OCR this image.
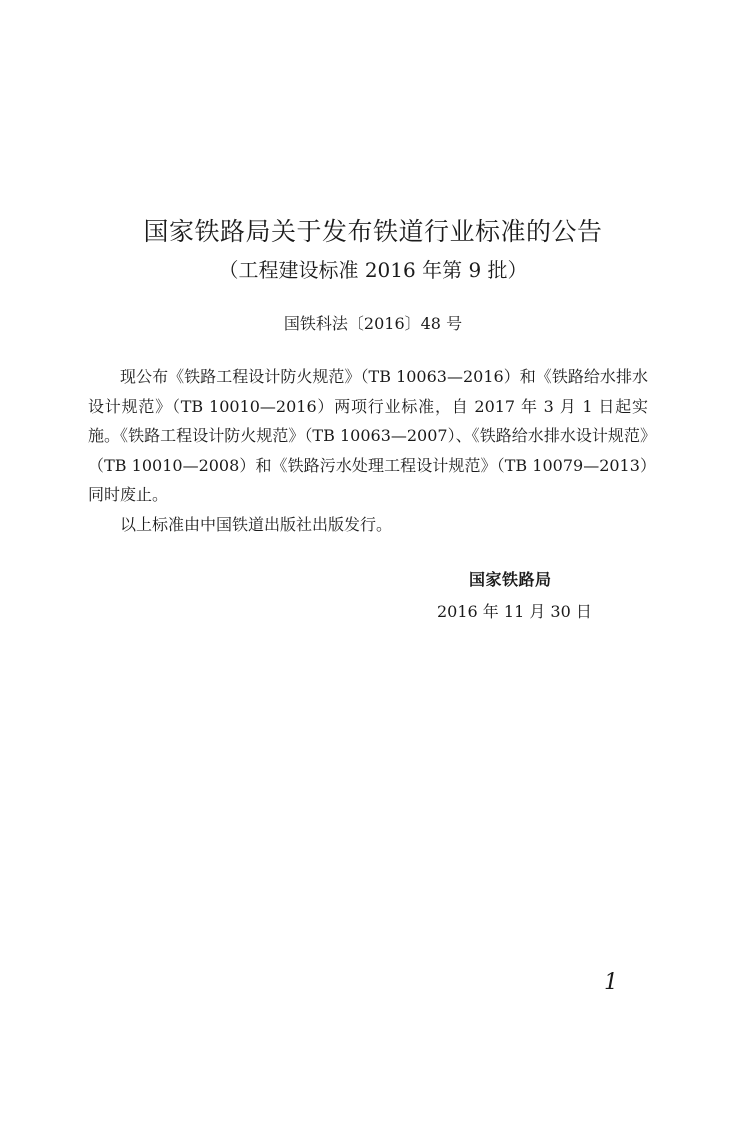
国家铁路局关于发布铁道行业标准的公告
（工程建设标准 2016 年第 9 批）
国铁科法〔2016〕48 号

现公布《铁路工程设计防火规范》（TB 10063—2016）和《铁路给水排水设计规范》（TB 10010—2016）两项行业标准，自 2017 年 3 月 1 日起实施。《铁路工程设计防火规范》（TB 10063—2007）、《铁路给水排水设计规范》（TB 10010—2008）和《铁路污水处理工程设计规范》（TB 10079—2013）同时废止。

以上标准由中国铁道出版社出版发行。

国家铁路局
2016 年 11 月 30 日
1
